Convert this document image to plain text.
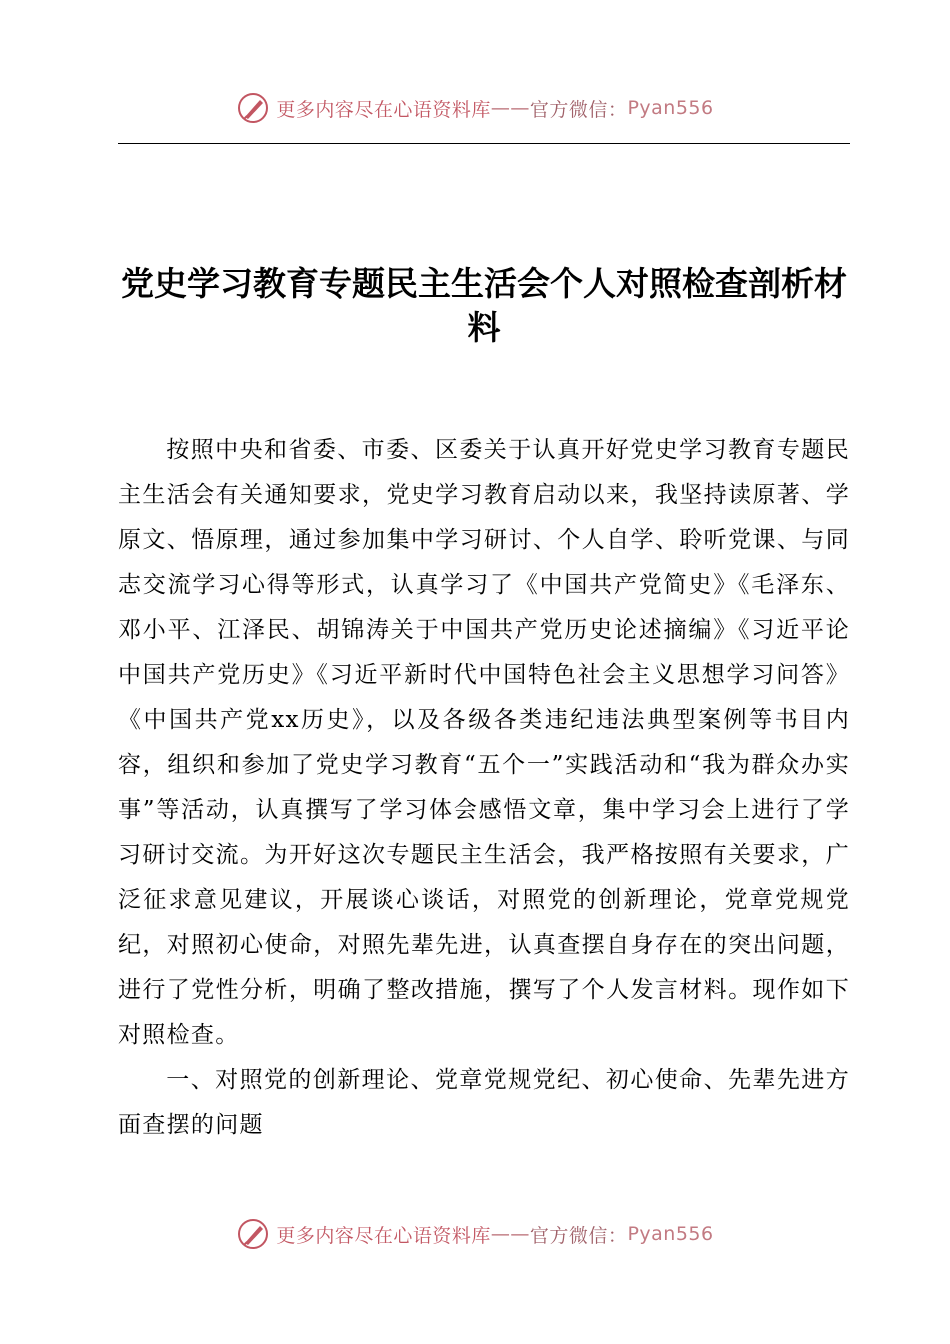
更多内容尽在心语资料库 —— 官方微信： Pyan556
党史学习教育专题民主生活会个人对照检查剖析材料

按照中央和省委、市委、区委关于认真开好党史学习教育专题民主生活会有关通知要求，党史学习教育启动以来，我坚持读原著、学原文、悟原理，通过参加集中学习研讨、个人自学、聆听党课、与同志交流学习心得等形式，认真学习了《中国共产党简史》《毛泽东、邓小平、江泽民、胡锦涛关于中国共产党历史论述摘编》《习近平论中国共产党历史》《习近平新时代中国特色社会主义思想学习问答》《中国共产党xx历史》，以及各级各类违纪违法典型案例等书目内容，组织和参加了党史学习教育“五个一”实践活动和“我为群众办实事”等活动，认真撰写了学习体会感悟文章，集中学习会上进行了学习研讨交流。为开好这次专题民主生活会，我严格按照有关要求，广泛征求意见建议，开展谈心谈话，对照党的创新理论，党章党规党纪，对照初心使命，对照先辈先进，认真查摆自身存在的突出问题，进行了党性分析，明确了整改措施，撰写了个人发言材料。现作如下对照检查。

一、对照党的创新理论、党章党规党纪、初心使命、先辈先进方面查摆的问题

更多内容尽在心语资料库 —— 官方微信： Pyan556
